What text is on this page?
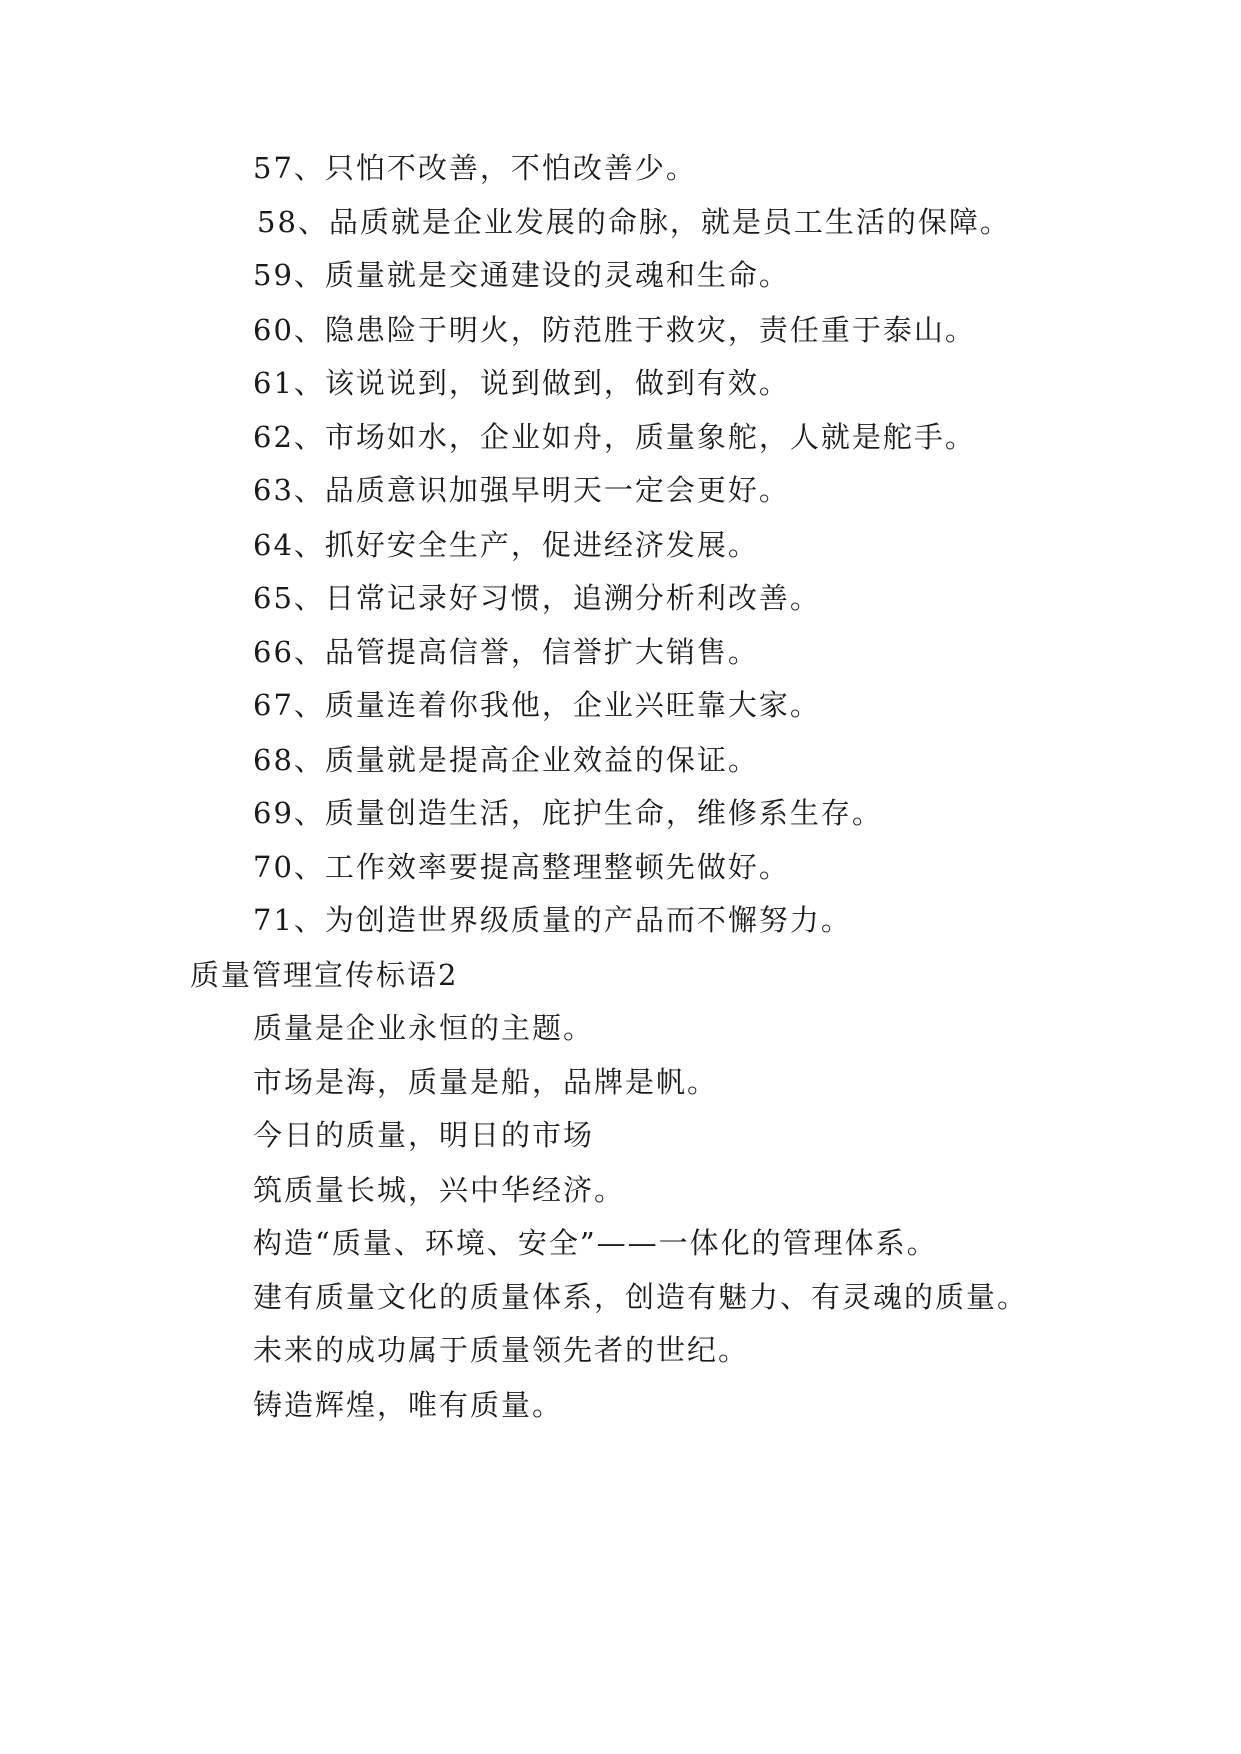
57、只怕不改善，不怕改善少。
58、品质就是企业发展的命脉，就是员工生活的保障。
59、质量就是交通建设的灵魂和生命。
60、隐患险于明火，防范胜于救灾，责任重于泰山。
61、该说说到，说到做到，做到有效。
62、市场如水，企业如舟，质量象舵，人就是舵手。
63、品质意识加强早明天一定会更好。
64、抓好安全生产，促进经济发展。
65、日常记录好习惯，追溯分析利改善。
66、品管提高信誉，信誉扩大销售。
67、质量连着你我他，企业兴旺靠大家。
68、质量就是提高企业效益的保证。
69、质量创造生活，庇护生命，维修系生存。
70、工作效率要提高整理整顿先做好。
71、为创造世界级质量的产品而不懈努力。
质量管理宣传标语2
质量是企业永恒的主题。
市场是海，质量是船，品牌是帆。
今日的质量，明日的市场
筑质量长城，兴中华经济。
构造“质量、环境、安全”——一体化的管理体系。
建有质量文化的质量体系，创造有魅力、有灵魂的质量。
未来的成功属于质量领先者的世纪。
铸造辉煌，唯有质量。
